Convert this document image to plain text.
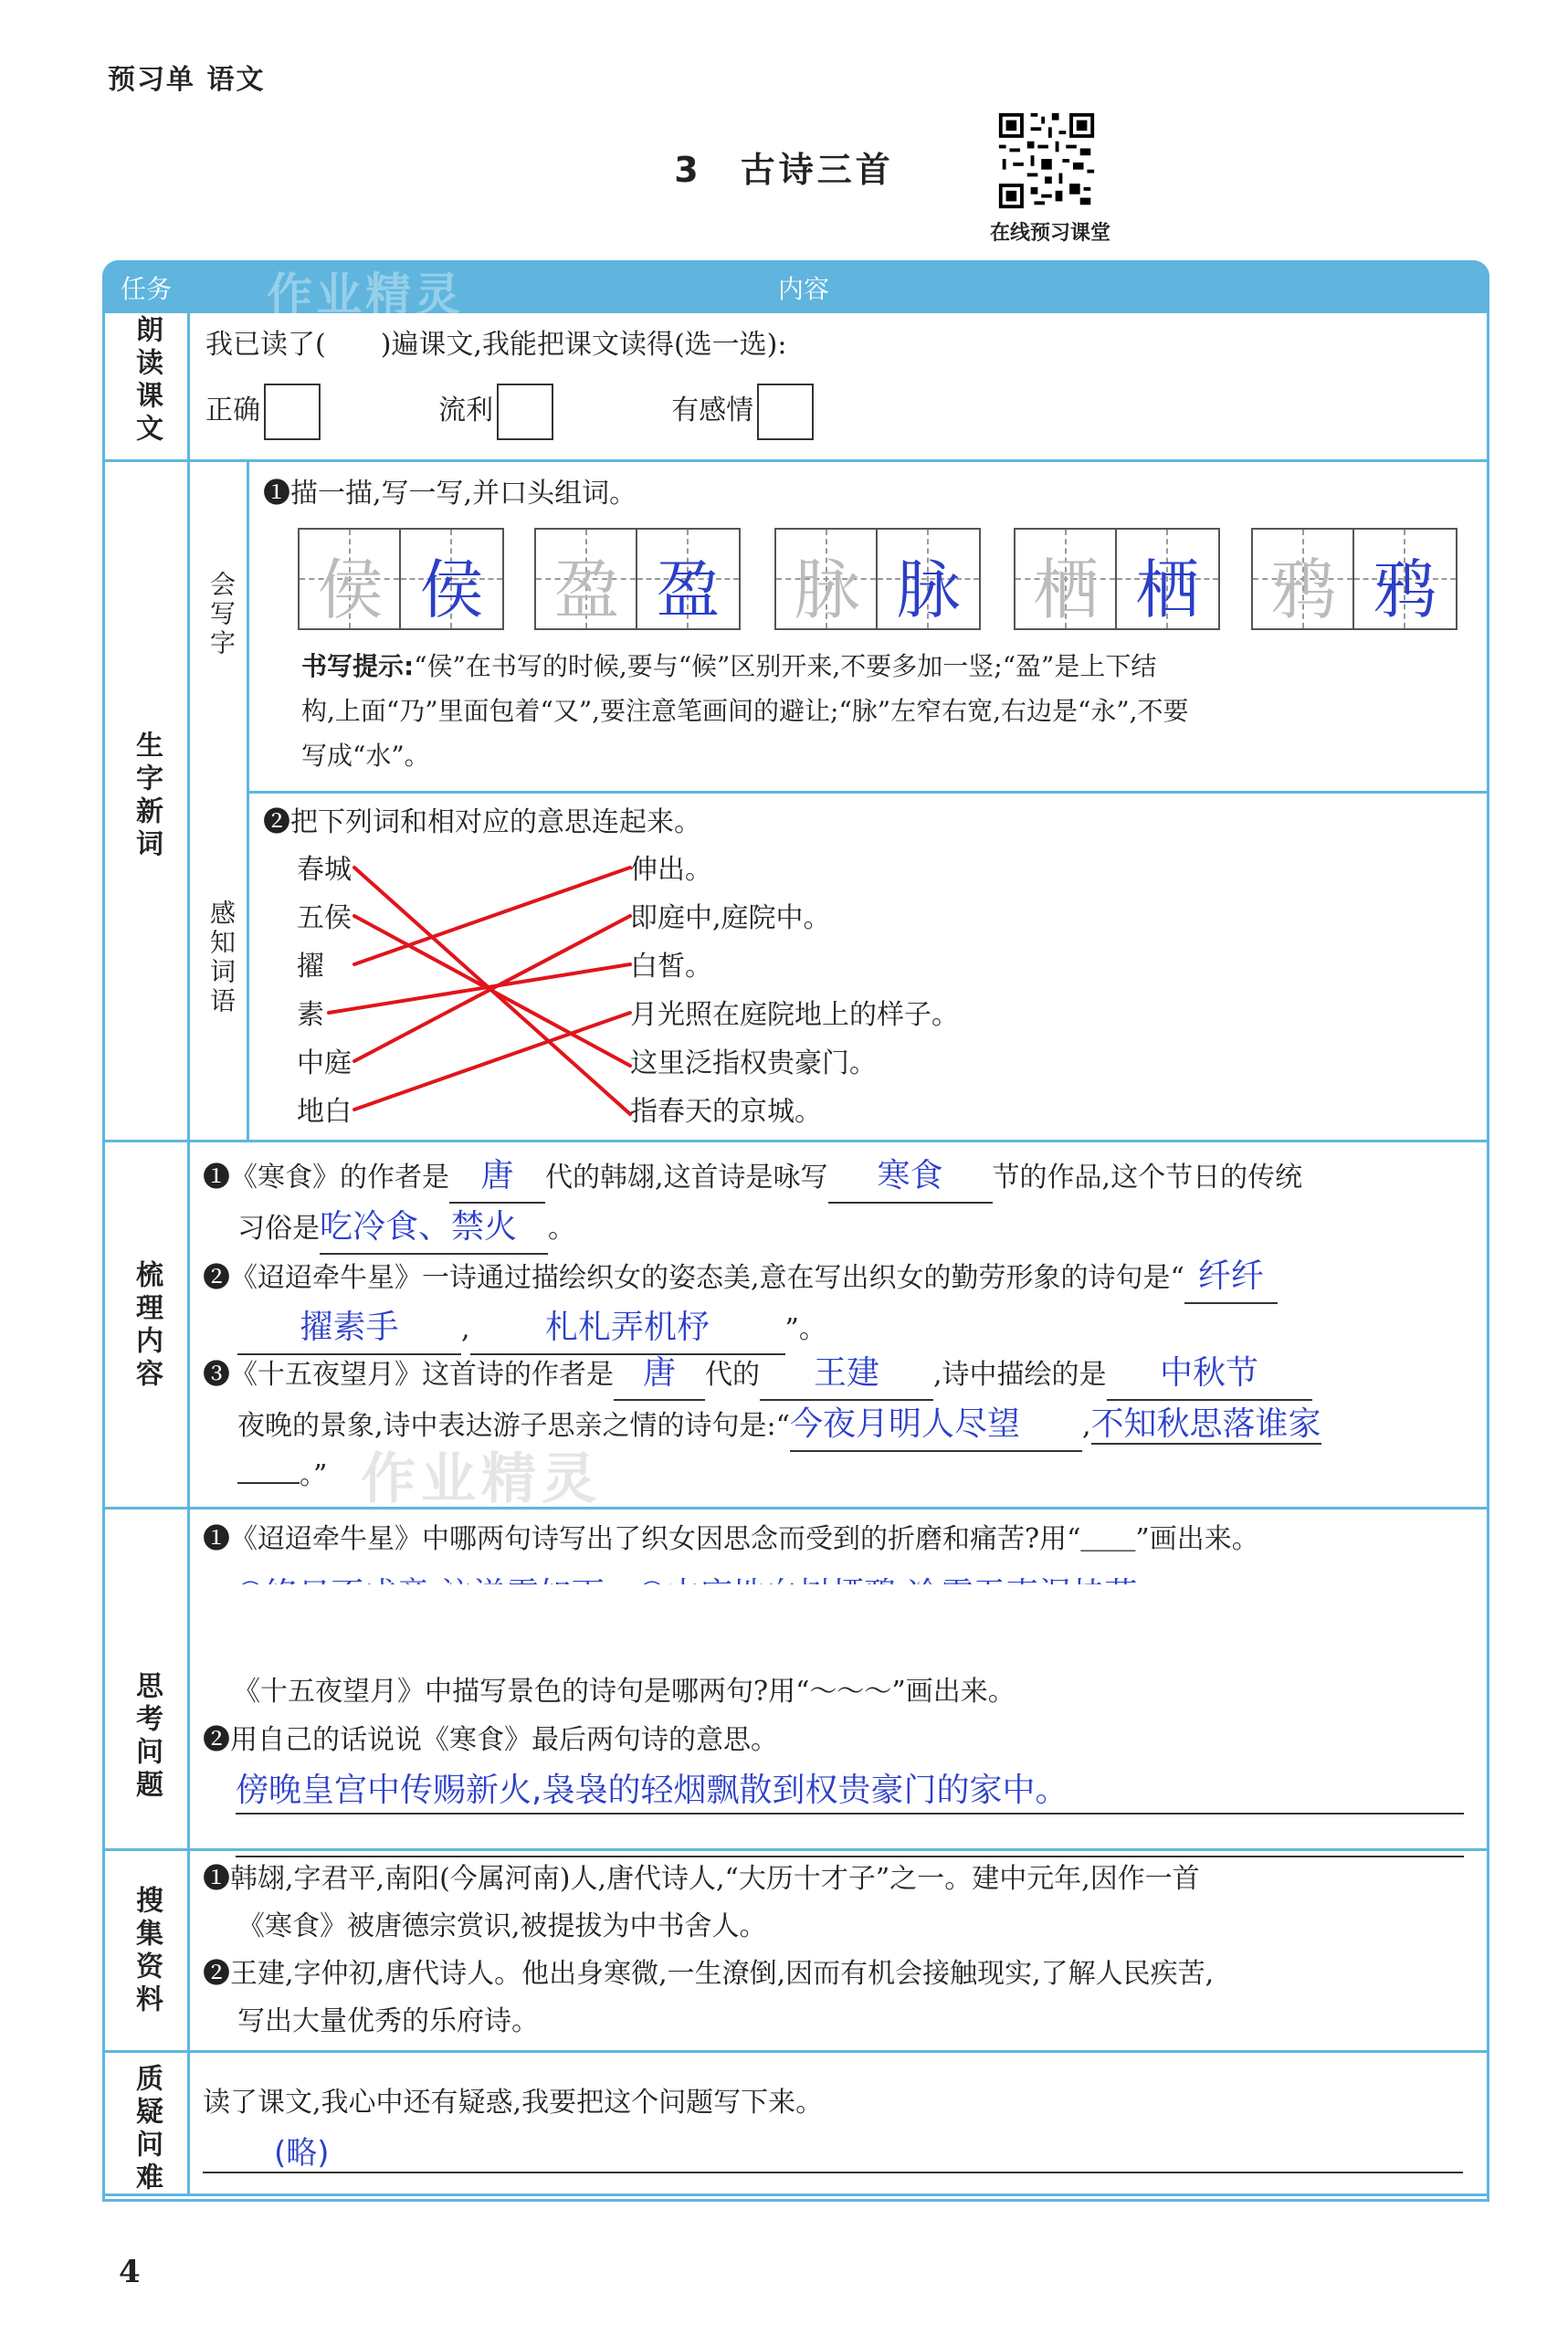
预习单 语文
3　古诗三首
在线预习课堂
任务 作业精灵	内容
朗读课文 我已读了(　　)遍课文,我能把课文读得(选一选):
正确	流利	有感情
生字新词
会写字
❶描一描,写一写,并口头组词。
侯 侯 盈 盈 脉 脉 栖 栖 鸦 鸦
书写提示:“侯”在书写的时候,要与“候”区别开来,不要多加一竖;“盈”是上下结
构,上面“乃”里面包着“又”,要注意笔画间的避让;“脉”左窄右宽,右边是“永”,不要
写成“水”。
感知词语
❷把下列词和相对应的意思连起来。
春城
五侯
擢
素
中庭
地白
伸出。
即庭中,庭院中。
白皙。
月光照在庭院地上的样子。
这里泛指权贵豪门。
指春天的京城。
梳理内容
❶《寒食》的作者是 唐 代的韩翃,这首诗是咏写 寒食 节的作品,这个节日的传统
习俗是吃冷食、禁火 。
❷《迢迢牵牛星》一诗通过描绘织女的姿态美,意在写出织女的勤劳形象的诗句是“ 纤纤
擢素手 , 札札弄机杼	”。
❸《十五夜望月》这首诗的作者是 唐 代的 王建 ,诗中描绘的是 中秋节
夜晚的景象,诗中表达游子思亲之情的诗句是:“今夜月明人尽望 ,不知秋思落谁家
。” 作业精灵
思考问题
❶《迢迢牵牛星》中哪两句诗写出了织女因思念而受到的折磨和痛苦?用“＿＿”画出来。
《十五夜望月》中描写景色的诗句是哪两句?用“～～～”画出来。
❷用自己的话说说《寒食》最后两句诗的意思。
傍晚皇宫中传赐新火,袅袅的轻烟飘散到权贵豪门的家中。
搜集资料
❶韩翃,字君平,南阳(今属河南)人,唐代诗人,“大历十才子”之一。建中元年,因作一首
《寒食》被唐德宗赏识,被提拔为中书舍人。
❷王建,字仲初,唐代诗人。他出身寒微,一生潦倒,因而有机会接触现实,了解人民疾苦,
写出大量优秀的乐府诗。
质疑问难 读了课文,我心中还有疑惑,我要把这个问题写下来。
(略)
4
